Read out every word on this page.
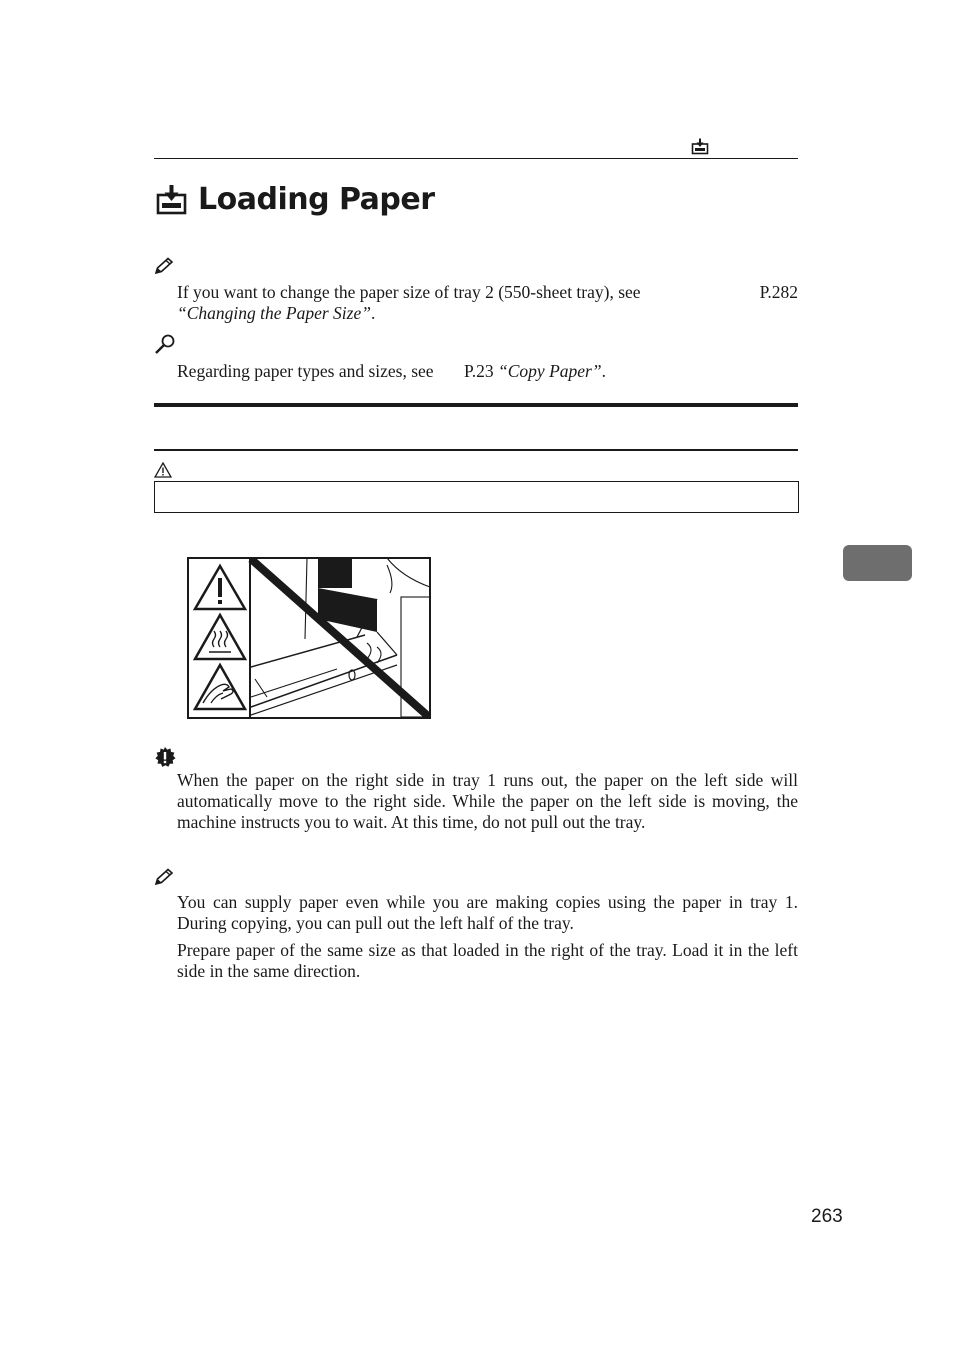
Loading Paper
If you want to change the paper size of tray 2 (550-sheet tray), see	P.282

“Changing the Paper Size”.
Regarding paper types and sizes, see P.23 “Copy Paper”.
When the paper on the right side in tray 1 runs out, the paper on the left side will automatically move to the right side. While the paper on the left side is moving, the machine instructs you to wait. At this time, do not pull out the tray.
You can supply paper even while you are making copies using the paper in tray 1. During copying, you can pull out the left half of the tray.
Prepare paper of the same size as that loaded in the right of the tray. Load it in the left side in the same direction.
263
